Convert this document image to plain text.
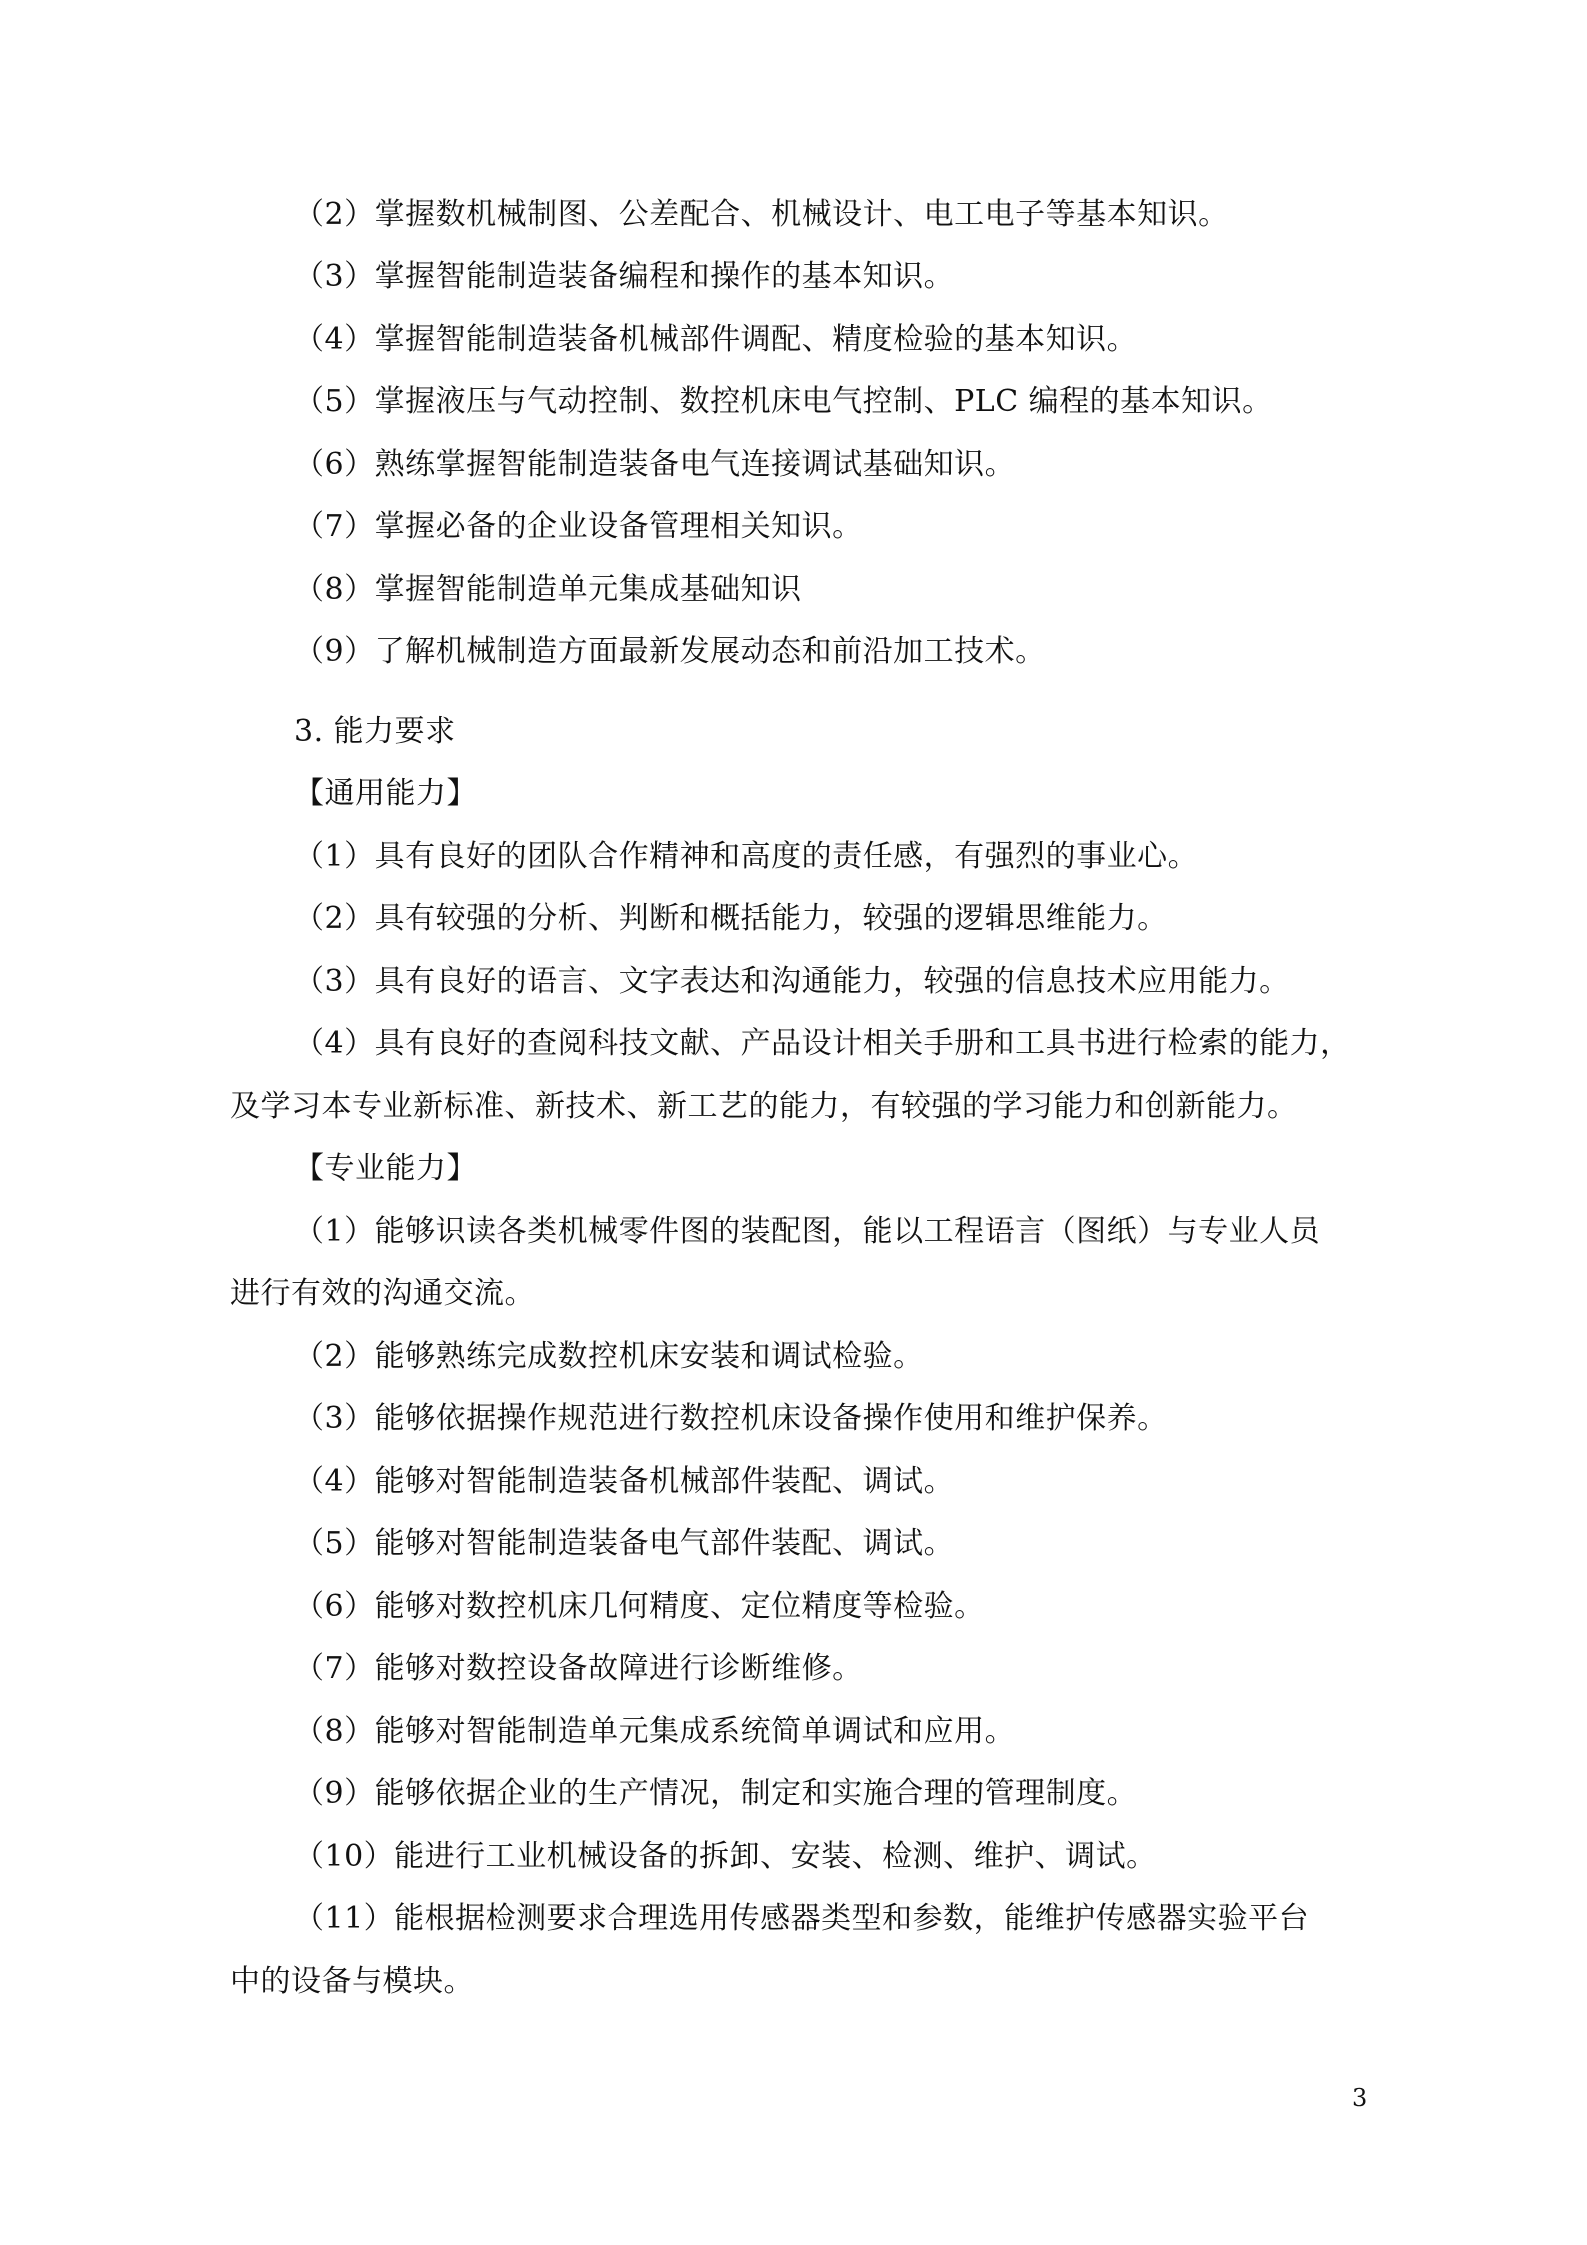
（2）掌握数机械制图、公差配合、机械设计、电工电子等基本知识。
（3）掌握智能制造装备编程和操作的基本知识。
（4）掌握智能制造装备机械部件调配、精度检验的基本知识。
（5）掌握液压与气动控制、数控机床电气控制、PLC 编程的基本知识。
（6）熟练掌握智能制造装备电气连接调试基础知识。
（7）掌握必备的企业设备管理相关知识。
（8）掌握智能制造单元集成基础知识
（9）了解机械制造方面最新发展动态和前沿加工技术。
3. 能力要求
【通用能力】
（1）具有良好的团队合作精神和高度的责任感，有强烈的事业心。
（2）具有较强的分析、判断和概括能力，较强的逻辑思维能力。
（3）具有良好的语言、文字表达和沟通能力，较强的信息技术应用能力。
（4）具有良好的查阅科技文献、产品设计相关手册和工具书进行检索的能力，
及学习本专业新标准、新技术、新工艺的能力，有较强的学习能力和创新能力。
【专业能力】
（1）能够识读各类机械零件图的装配图，能以工程语言（图纸）与专业人员
进行有效的沟通交流。
（2）能够熟练完成数控机床安装和调试检验。
（3）能够依据操作规范进行数控机床设备操作使用和维护保养。
（4）能够对智能制造装备机械部件装配、调试。
（5）能够对智能制造装备电气部件装配、调试。
（6）能够对数控机床几何精度、定位精度等检验。
（7）能够对数控设备故障进行诊断维修。
（8）能够对智能制造单元集成系统简单调试和应用。
（9）能够依据企业的生产情况，制定和实施合理的管理制度。
（10）能进行工业机械设备的拆卸、安装、检测、维护、调试。
（11）能根据检测要求合理选用传感器类型和参数，能维护传感器实验平台
中的设备与模块。
3
